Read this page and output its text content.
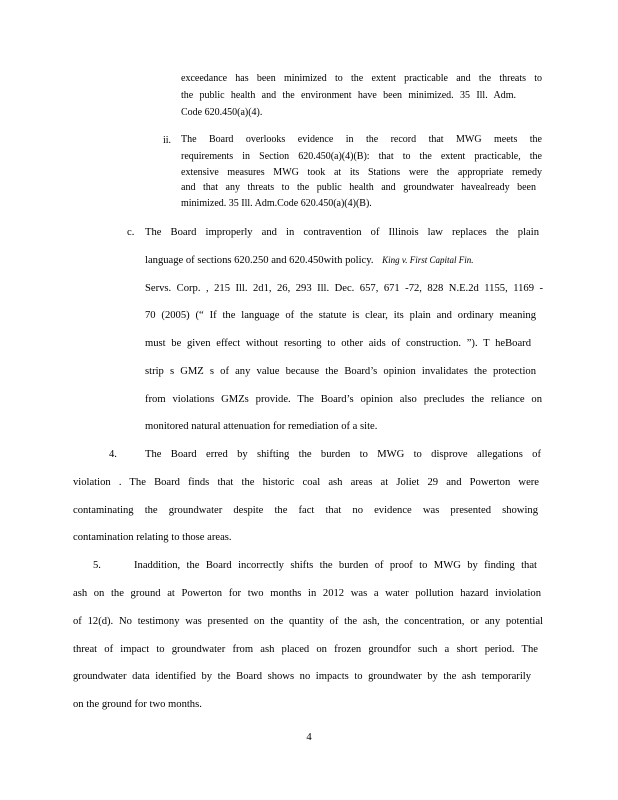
exceedance has been minimized to the extent practicable and the threats to
the public health and the environment have been minimized. 35 Ill. Adm.
Code 620.450(a)(4).
ii. The Board overlooks evidence in the record that MWG meets the
requirements in Section 620.450(a)(4)(B): that to the extent practicable, the
extensive measures MWG took at its Stations were the appropriate remedy
and that any threats to the public health and groundwater havealready been
minimized. 35 Ill. Adm.Code 620.450(a)(4)(B).
c. The Board improperly and in contravention of Illinois law replaces the plain
language of sections 620.250 and 620.450with policy. King v. First Capital Fin.
Servs. Corp. , 215 Ill. 2d1, 26, 293 Ill. Dec. 657, 671 -72, 828 N.E.2d 1155, 1169 -
70 (2005) (“ If the language of the statute is clear, its plain and ordinary meaning
must be given effect without resorting to other aids of construction. ”). T heBoard
strip s GMZ s of any value because the Board’s opinion invalidates the protection
from violations GMZs provide. The Board’s opinion also precludes the reliance on
monitored natural attenuation for remediation of a site.
4.	The Board erred by shifting the burden to MWG to disprove allegations of
violation . The Board finds that the historic coal ash areas at Joliet 29 and Powerton were
contaminating the groundwater despite the fact that no evidence was presented showing
contamination relating to those areas.
5.	Inaddition, the Board incorrectly shifts the burden of proof to MWG by finding that
ash on the ground at Powerton for two months in 2012 was a water pollution hazard inviolation
of 12(d). No testimony was presented on the quantity of the ash, the concentration, or any potential
threat of impact to groundwater from ash placed on frozen groundfor such a short period. The
groundwater data identified by the Board shows no impacts to groundwater by the ash temporarily
on the ground for two months.
4
